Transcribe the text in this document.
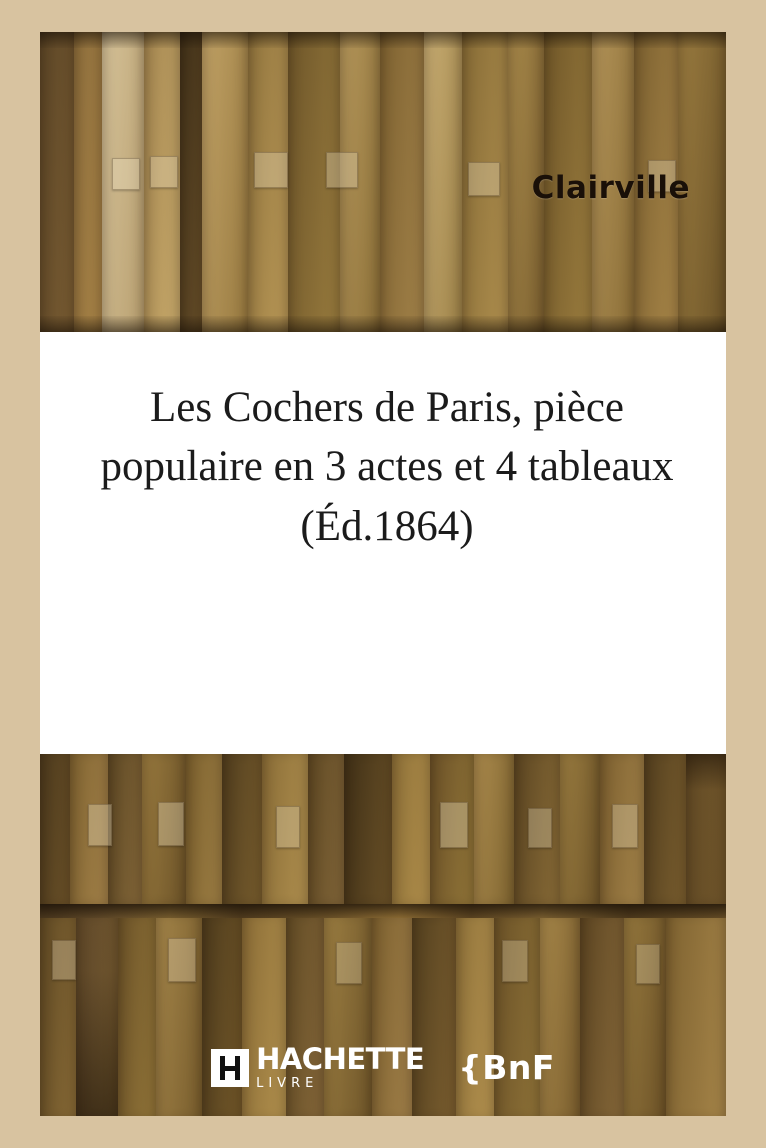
Clairville
Les Cochers de Paris, pièce populaire en 3 actes et 4 tableaux (Éd.1864)
HACHETTE
LIVRE	{BnF
